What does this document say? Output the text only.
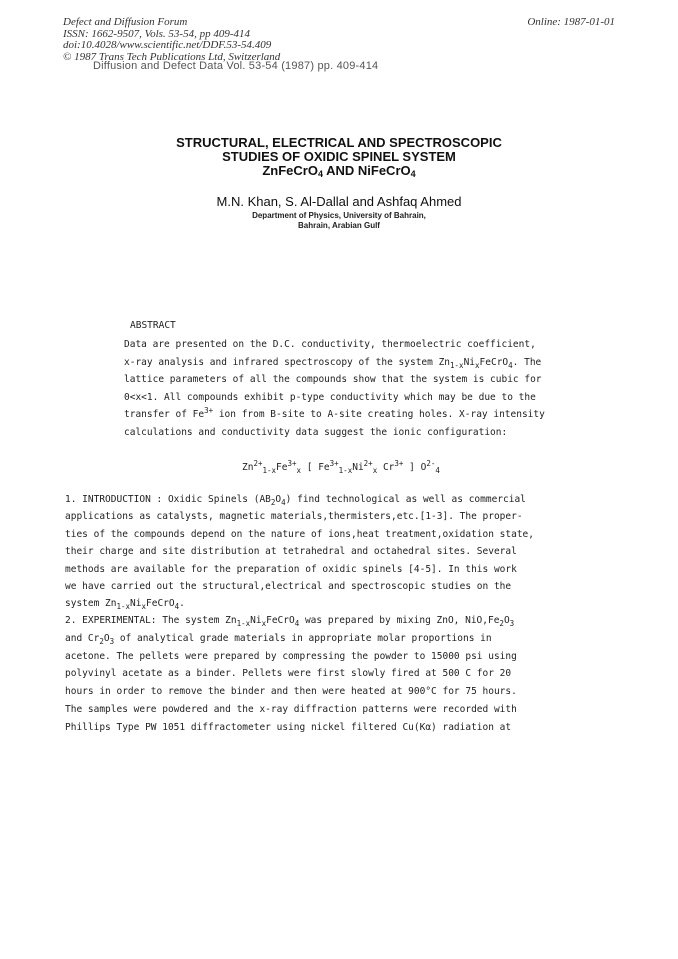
Defect and Diffusion Forum
ISSN: 1662-9507, Vols. 53-54, pp 409-414
doi:10.4028/www.scientific.net/DDF.53-54.409
© 1987 Trans Tech Publications Ltd, Switzerland
Online: 1987-01-01
Diffusion and Defect Data Vol. 53-54 (1987) pp. 409-414
STRUCTURAL, ELECTRICAL AND SPECTROSCOPIC
STUDIES OF OXIDIC SPINEL SYSTEM
ZnFeCrO$_4$ AND NiFeCrO$_4$
M.N. Khan, S. Al-Dallal and Ashfaq Ahmed
Department of Physics, University of Bahrain,
Bahrain, Arabian Gulf
ABSTRACT
Data are presented on the D.C. conductivity, thermoelectric coefficient,
x-ray analysis and infrared spectroscopy of the system $Zn_{1-x}Ni_xFeCrO_4$. The
lattice parameters of all the compounds show that the system is cubic for
0<x<1. All compounds exhibit p-type conductivity which may be due to the
transfer of $Fe^{3+}$ ion from B-site to A-site creating holes. X-ray intensity
calculations and conductivity data suggest the ionic configuration:
$Zn^{2+}_{1-x}Fe^{3+}_x$ [ $Fe^{3+}_{1-x}Ni^{2+}_x$ $Cr^{3+}$ ] $O^{2-}_4$
1. INTRODUCTION : Oxidic Spinels $(AB_2O_4)$ find technological as well as commercial
applications as catalysts, magnetic materials,thermisters,etc.[1-3]. The proper-
ties of the compounds depend on the nature of ions,heat treatment,oxidation state,
their charge and site distribution at tetrahedral and octahedral sites. Several
methods are available for the preparation of oxidic spinels [4-5]. In this work
we have carried out the structural,electrical and spectroscopic studies on the
system $Zn_{1-x}Ni_xFeCrO_4$.
2. EXPERIMENTAL: The system $Zn_{1-x}Ni_xFeCrO_4$ was prepared by mixing ZnO, $NiO,Fe_2O_3$
and $Cr_2O_3$ of analytical grade materials in appropriate molar proportions in
acetone. The pellets were prepared by compressing the powder to 15000 psi using
polyvinyl acetate as a binder. Pellets were first slowly fired at 500 C for 20
hours in order to remove the binder and then were heated at 900°C for 75 hours.
The samples were powdered and the x-ray diffraction patterns were recorded with
Phillips Type PW 1051 diffractometer using nickel filtered Cu(Kα) radiation at
